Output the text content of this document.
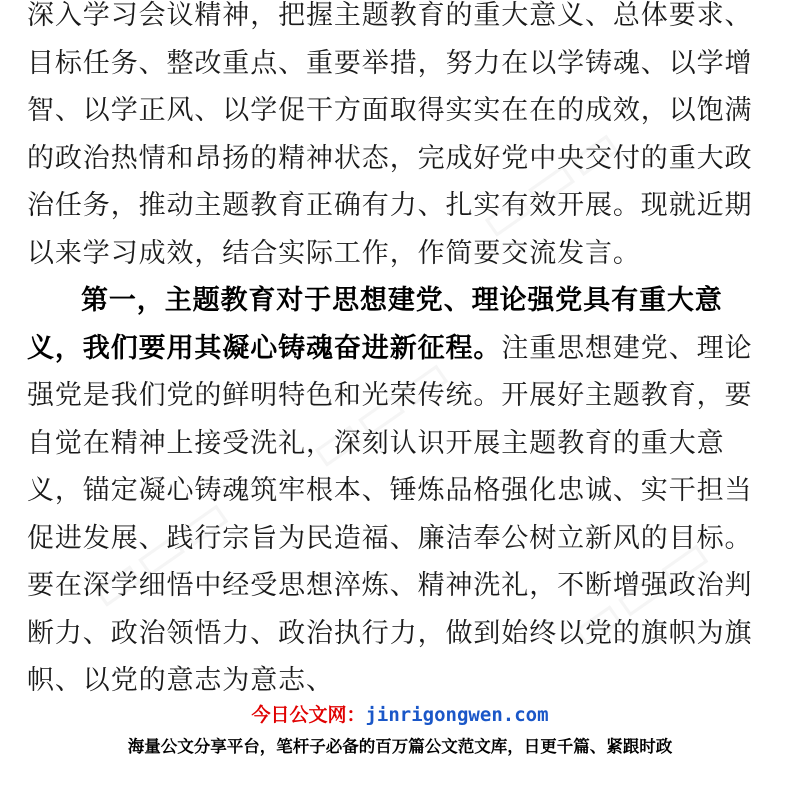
▭▭▭
▭▭▭
▭▭▭	▭▭▭

深入学习会议精神，把握主题教育的重大意义、总体要求、目标任务、整改重点、重要举措，努力在以学铸魂、以学增智、以学正风、以学促干方面取得实实在在的成效，以饱满的政治热情和昂扬的精神状态，完成好党中央交付的重大政治任务，推动主题教育正确有力、扎实有效开展。现就近期以来学习成效，结合实际工作，作简要交流发言。

第一，主题教育对于思想建党、理论强党具有重大意义，我们要用其凝心铸魂奋进新征程。注重思想建党、理论强党是我们党的鲜明特色和光荣传统。开展好主题教育，要自觉在精神上接受洗礼，深刻认识开展主题教育的重大意义，锚定凝心铸魂筑牢根本、锤炼品格强化忠诚、实干担当促进发展、践行宗旨为民造福、廉洁奉公树立新风的目标。要在深学细悟中经受思想淬炼、精神洗礼，不断增强政治判断力、政治领悟力、政治执行力，做到始终以党的旗帜为旗帜、以党的意志为意志、

今日公文网：jinrigongwen.com
海量公文分享平台，笔杆子必备的百万篇公文范文库，日更千篇、紧跟时政
